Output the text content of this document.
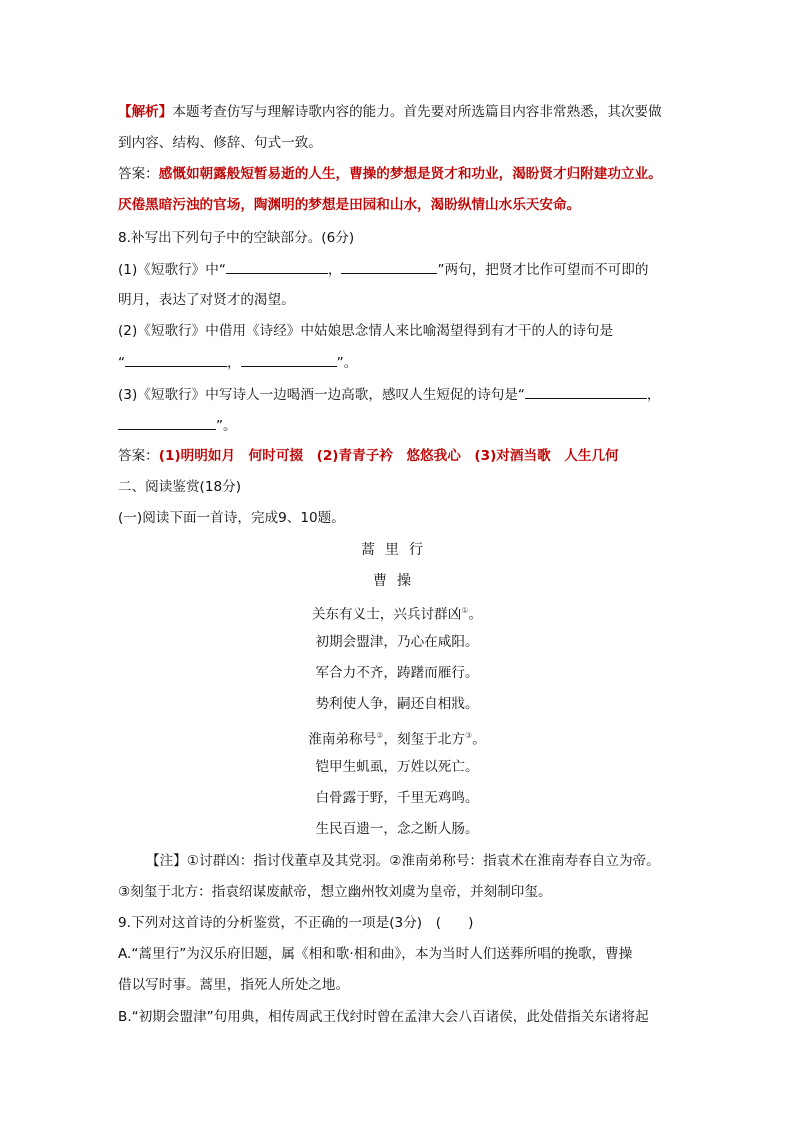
【解析】本题考查仿写与理解诗歌内容的能力。首先要对所选篇目内容非常熟悉，其次要做
到内容、结构、修辞、句式一致。
答案：感慨如朝露般短暂易逝的人生，曹操的梦想是贤才和功业，渴盼贤才归附建功立业。
厌倦黑暗污浊的官场，陶渊明的梦想是田园和山水，渴盼纵情山水乐天安命。
8.补写出下列句子中的空缺部分。(6分)
(1)《短歌行》中“	，	”两句，把贤才比作可望而不可即的
明月，表达了对贤才的渴望。
(2)《短歌行》中借用《诗经》中姑娘思念情人来比喻渴望得到有才干的人的诗句是
“	，	”。
(3)《短歌行》中写诗人一边喝酒一边高歌，感叹人生短促的诗句是“	，
”。
答案：(1)明明如月　何时可掇　(2)青青子衿　悠悠我心　(3)对酒当歌　人生几何
二、阅读鉴赏(18分)
(一)阅读下面一首诗，完成9、10题。
蒿里行
曹操
关东有义士，兴兵讨群凶①。
初期会盟津，乃心在咸阳。
军合力不齐，踌躇而雁行。
势利使人争，嗣还自相戕。
淮南弟称号②，刻玺于北方③。
铠甲生虮虱，万姓以死亡。
白骨露于野，千里无鸡鸣。
生民百遗一，念之断人肠。
【注】①讨群凶：指讨伐董卓及其党羽。②淮南弟称号：指袁术在淮南寿春自立为帝。
③刻玺于北方：指袁绍谋废献帝，想立幽州牧刘虞为皇帝，并刻制印玺。
9.下列对这首诗的分析鉴赏，不正确的一项是(3分)　(　　)
A.“蒿里行”为汉乐府旧题，属《相和歌·相和曲》，本为当时人们送葬所唱的挽歌，曹操
借以写时事。蒿里，指死人所处之地。
B.“初期会盟津”句用典，相传周武王伐纣时曾在孟津大会八百诸侯，此处借指关东诸将起
